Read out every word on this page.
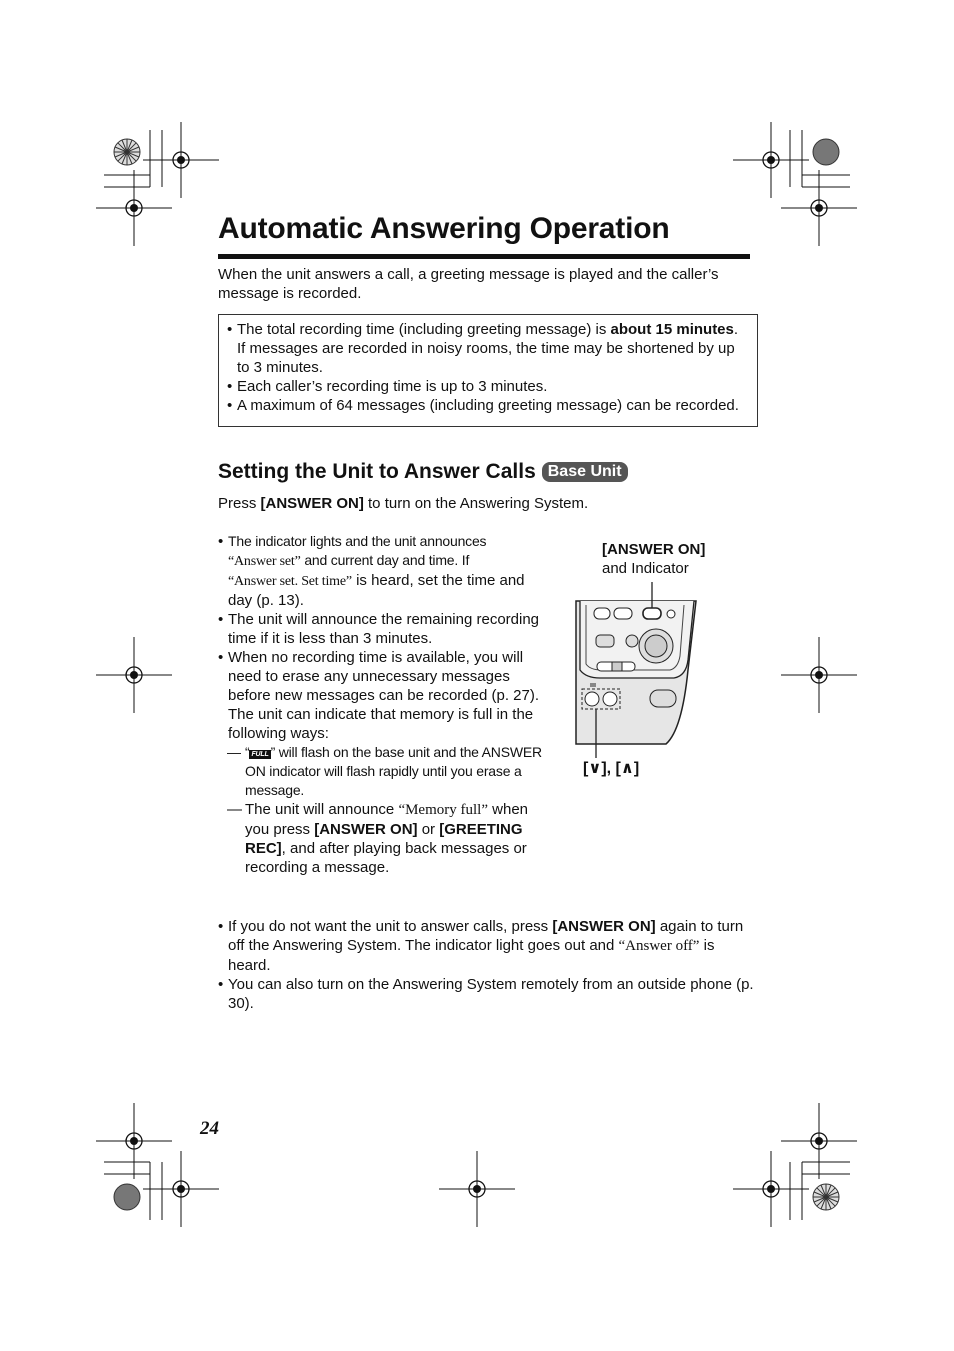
Automatic Answering Operation
When the unit answers a call, a greeting message is played and the caller’s message is recorded.
• The total recording time (including greeting message) is about 15 minutes. If messages are recorded in noisy rooms, the time may be shortened by up to 3 minutes.
• Each caller’s recording time is up to 3 minutes.
• A maximum of 64 messages (including greeting message) can be recorded.
Setting the Unit to Answer Calls Base Unit
Press [ANSWER ON] to turn on the Answering System.
• The indicator lights and the unit announces
“Answer set” and current day and time. If
“Answer set. Set time” is heard, set the time and day (p. 13).
• The unit will announce the remaining recording time if it is less than 3 minutes.
• When no recording time is available, you will need to erase any unnecessary messages before new messages can be recorded (p. 27). The unit can indicate that memory is full in the following ways:
— “ FULL ” will flash on the base unit and the ANSWER ON indicator will flash rapidly until you erase a message.
— The unit will announce “Memory full” when you press [ANSWER ON] or [GREETING REC], and after playing back messages or recording a message.
[ANSWER ON]
and Indicator
[∨], [∧]
• If you do not want the unit to answer calls, press [ANSWER ON] again to turn off the Answering System. The indicator light goes out and “Answer off” is heard.
• You can also turn on the Answering System remotely from an outside phone (p. 30).
24
